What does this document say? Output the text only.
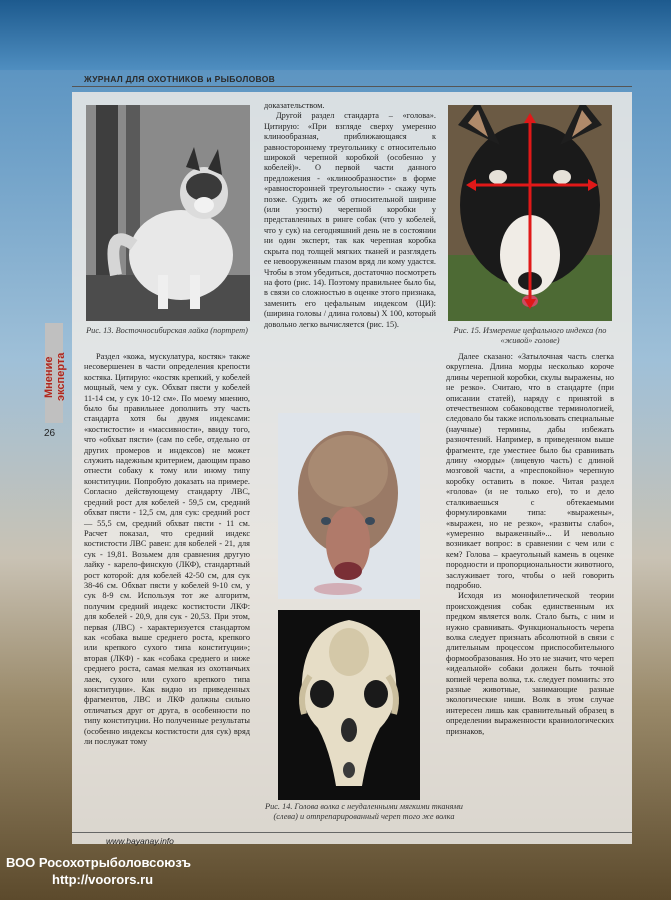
ЖУРНАЛ ДЛЯ ОХОТНИКОВ и РЫБОЛОВОВ
Мнение эксперта
26
Рис. 13. Восточносибирская лайка (портрет)	Рис. 15. Измерение цефального индекса (по «живой» голове)
Рис. 14. Голова волка с неудаленными мягкими тканями (слева) и отпрепарированный череп того же волка

Раздел «кожа, мускулатура, костяк» также несовершенен в части определения крепости костяка. Цитирую: «костяк крепкий, у кобелей мощный, чем у сук. Обхват пясти у кобелей 11-14 см, у сук 10-12 см». По моему мнению, было бы правильнее дополнить эту часть стандарта хотя бы двумя индексами: «костистости» и «массивности», ввиду того, что «обхват пясти» (сам по себе, отдельно от других промеров и индексов) не может служить надежным критерием, дающим право отнести собаку к тому или иному типу конституции. Попробую доказать на примере. Согласно действующему стандарту ЛВС, средний рост для кобелей - 59,5 см, средний обхват пясти - 12,5 см, для сук: средний рост — 55,5 см, средний обхват пясти - 11 см. Расчет показал, что средний индекс костистости ЛВС равен: для кобелей - 21, для сук - 19,81. Возьмем для сравнения другую лайку - карело-финскую (ЛКФ), стандартный рост которой: для кобелей 42-50 см, для сук 38-46 см. Обхват пясти у кобелей 9-10 см, у сук 8-9 см. Используя тот же алгоритм, получим средний индекс костистости ЛКФ: для кобелей - 20,9, для сук - 20,53. При этом, первая (ЛВС) - характеризуется стандартом как «собака выше среднего роста, крепкого или крепкого сухого типа конституции»; вторая (ЛКФ) - как «собака среднего и ниже среднего роста, самая мелкая из охотничьих лаек, сухого или сухого крепкого типа конституции». Как видно из приведенных фрагментов, ЛВС и ЛКФ должны сильно отличаться друг от друга, в особенности по типу конституции. Но полученные результаты (особенно индексы костистости для сук) вряд ли послужат тому

доказательством.

Другой раздел стандарта – «голова». Цитирую: «При взгляде сверху умеренно клинообразная, приближающаяся к равностороннему треугольнику с относительно широкой черепной коробкой (особенно у кобелей)». О первой части данного предложения - «клинообразности» в форме «равносторонней треугольности» - скажу чуть позже. Судить же об относительной ширине (или узости) черепной коробки у представленных в ринге собак (что у кобелей, что у сук) на сегодняшний день не в состоянии ни один эксперт, так как черепная коробка скрыта под толщей мягких тканей и разглядеть ее невооруженным глазом вряд ли кому удастся. Чтобы в этом убедиться, достаточно посмотреть на фото (рис. 14). Поэтому правильнее было бы, в связи со сложностью в оценке этого признака, заменить его цефальным индексом (ЦИ): (ширина головы / длина головы) X 100, который довольно легко вычисляется (рис. 15).

Далее сказано: «Затылочная часть слегка округлена. Длина морды несколько короче длины черепной коробки, скулы выражены, но не резко». Считаю, что в стандарте (при описании статей), наряду с принятой в отечественном собаководстве терминологией, следовало бы также использовать специальные (научные) термины, дабы избежать разночтений. Например, в приведенном выше фрагменте, где уместнее было бы сравнивать длину «морды» (лицевую часть) с длиной мозговой части, а «преспокойно» черепную коробку оставить в покое. Читая раздел «голова» (и не только его), то и дело сталкиваешься с обтекаемыми формулировками типа: «выражены», «выражен, но не резко», «развиты слабо», «умеренно выраженный»... И невольно возникает вопрос: в сравнении с чем или с кем? Голова – краеугольный камень в оценке породности и пропорциональности животного, заслуживает того, чтобы о ней говорить подробно.

Исходя из монофилетической теории происхождения собак единственным их предком является волк. Стало быть, с ним и нужно сравнивать. Функциональность черепа волка следует признать абсолютной в связи с длительным процессом приспособительного формообразования. Но это не значит, что череп «идеальной» собаки должен быть точной копией черепа волка, т.к. следует помнить: это разные животные, занимающие разные экологические ниши. Волк в этом случае интересен лишь как сравнительный образец в определении выраженности краниологических признаков,

www.bayanay.info
ВОО Росохотрыболовсоюзъ
http://voorors.ru
